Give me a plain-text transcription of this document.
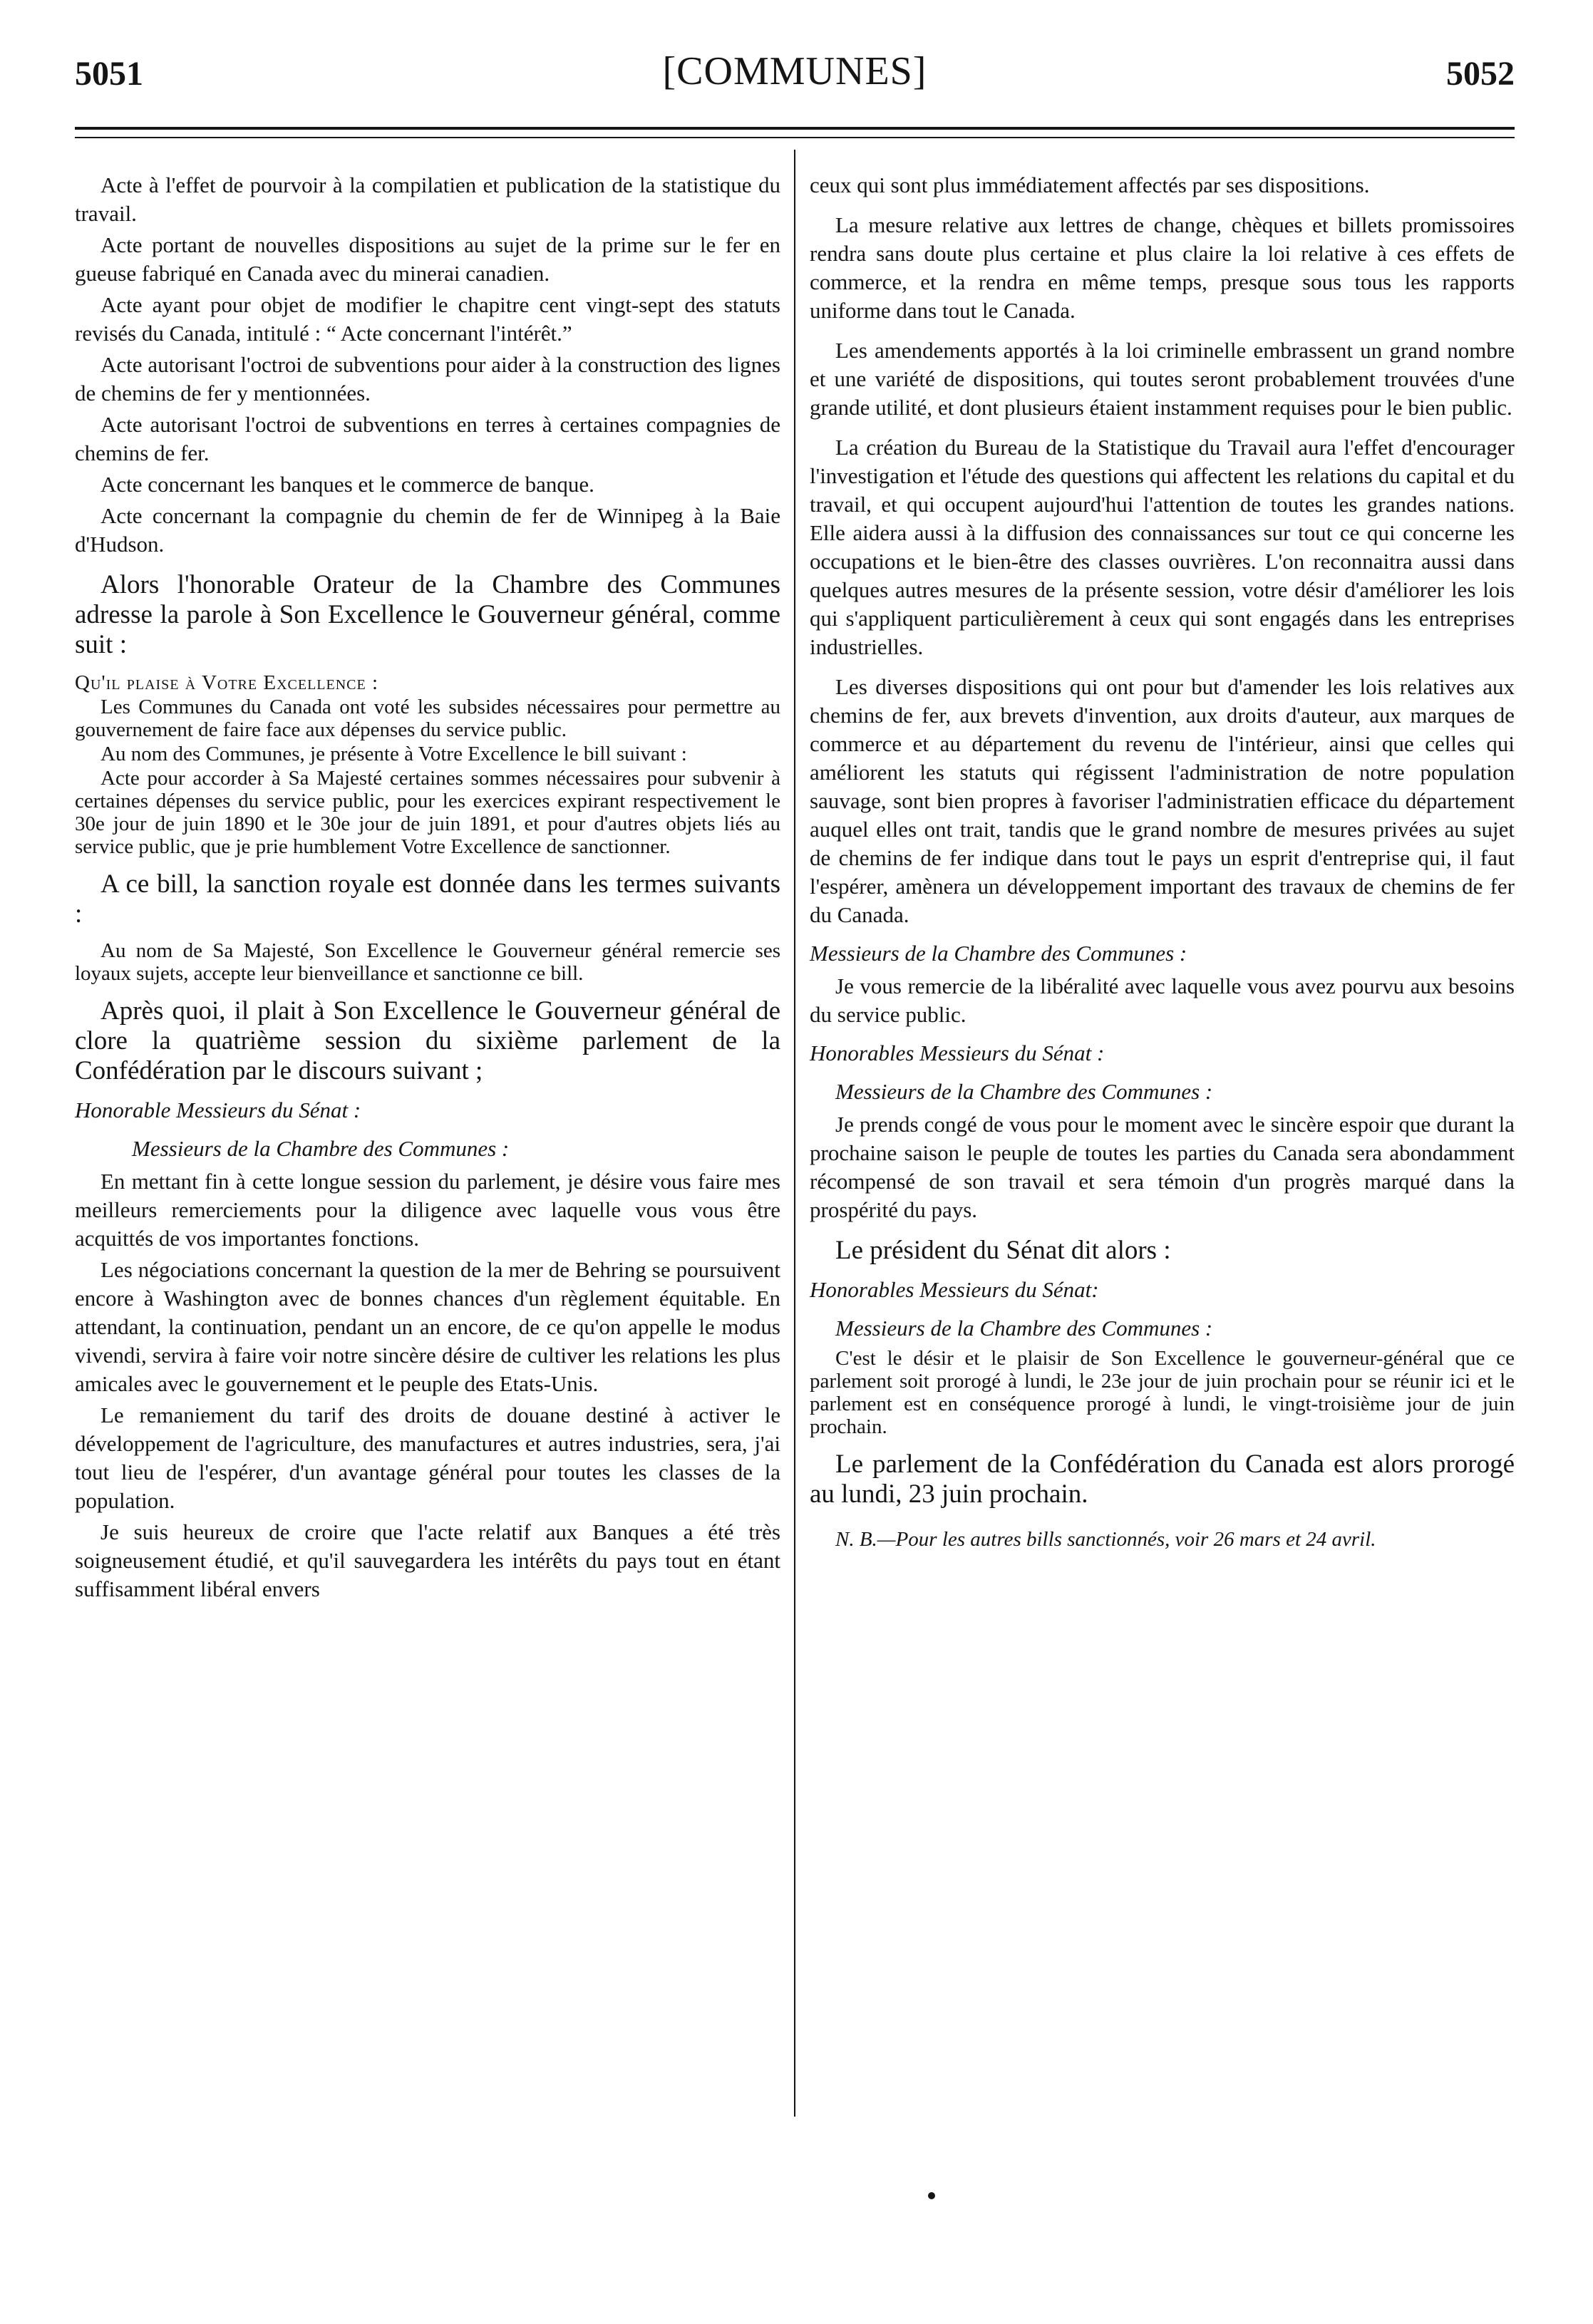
5051	[COMMUNES]	5052

Acte à l'effet de pourvoir à la compilatien et publication de la statistique du travail.

Acte portant de nouvelles dispositions au sujet de la prime sur le fer en gueuse fabriqué en Canada avec du minerai canadien.

Acte ayant pour objet de modifier le chapitre cent vingt-sept des statuts revisés du Canada, intitulé : “ Acte concernant l'intérêt.”

Acte autorisant l'octroi de subventions pour aider à la construction des lignes de chemins de fer y mentionnées.

Acte autorisant l'octroi de subventions en terres à certaines compagnies de chemins de fer.

Acte concernant les banques et le commerce de banque.

Acte concernant la compagnie du chemin de fer de Winnipeg à la Baie d'Hudson.

Alors l'honorable Orateur de la Chambre des Communes adresse la parole à Son Excellence le Gouverneur général, comme suit :

Qu'il plaise à Votre Excellence :

Les Communes du Canada ont voté les subsides nécessaires pour permettre au gouvernement de faire face aux dépenses du service public.

Au nom des Communes, je présente à Votre Excellence le bill suivant :

Acte pour accorder à Sa Majesté certaines sommes nécessaires pour subvenir à certaines dépenses du service public, pour les exercices expirant respectivement le 30e jour de juin 1890 et le 30e jour de juin 1891, et pour d'autres objets liés au service public, que je prie humblement Votre Excellence de sanctionner.

A ce bill, la sanction royale est donnée dans les termes suivants :

Au nom de Sa Majesté, Son Excellence le Gouverneur général remercie ses loyaux sujets, accepte leur bienveillance et sanctionne ce bill.

Après quoi, il plait à Son Excellence le Gouverneur général de clore la quatrième session du sixième parlement de la Confédération par le discours suivant ;

Honorable Messieurs du Sénat :

Messieurs de la Chambre des Communes :

En mettant fin à cette longue session du parlement, je désire vous faire mes meilleurs remerciements pour la diligence avec laquelle vous vous être acquittés de vos importantes fonctions.

Les négociations concernant la question de la mer de Behring se poursuivent encore à Washington avec de bonnes chances d'un règlement équitable. En attendant, la continuation, pendant un an encore, de ce qu'on appelle le modus vivendi, servira à faire voir notre sincère désire de cultiver les relations les plus amicales avec le gouvernement et le peuple des Etats-Unis.

Le remaniement du tarif des droits de douane destiné à activer le développement de l'agriculture, des manufactures et autres industries, sera, j'ai tout lieu de l'espérer, d'un avantage général pour toutes les classes de la population.

Je suis heureux de croire que l'acte relatif aux Banques a été très soigneusement étudié, et qu'il sauvegardera les intérêts du pays tout en étant suffisamment libéral envers

ceux qui sont plus immédiatement affectés par ses dispositions.

La mesure relative aux lettres de change, chèques et billets promissoires rendra sans doute plus certaine et plus claire la loi relative à ces effets de commerce, et la rendra en même temps, presque sous tous les rapports uniforme dans tout le Canada.

Les amendements apportés à la loi criminelle embrassent un grand nombre et une variété de dispositions, qui toutes seront probablement trouvées d'une grande utilité, et dont plusieurs étaient instamment requises pour le bien public.

La création du Bureau de la Statistique du Travail aura l'effet d'encourager l'investigation et l'étude des questions qui affectent les relations du capital et du travail, et qui occupent aujourd'hui l'attention de toutes les grandes nations. Elle aidera aussi à la diffusion des connaissances sur tout ce qui concerne les occupations et le bien-être des classes ouvrières. L'on reconnaitra aussi dans quelques autres mesures de la présente session, votre désir d'améliorer les lois qui s'appliquent particulièrement à ceux qui sont engagés dans les entreprises industrielles.

Les diverses dispositions qui ont pour but d'amender les lois relatives aux chemins de fer, aux brevets d'invention, aux droits d'auteur, aux marques de commerce et au département du revenu de l'intérieur, ainsi que celles qui améliorent les statuts qui régissent l'administration de notre population sauvage, sont bien propres à favoriser l'administratien efficace du département auquel elles ont trait, tandis que le grand nombre de mesures privées au sujet de chemins de fer indique dans tout le pays un esprit d'entreprise qui, il faut l'espérer, amènera un développement important des travaux de chemins de fer du Canada.

Messieurs de la Chambre des Communes :

Je vous remercie de la libéralité avec laquelle vous avez pourvu aux besoins du service public.

Honorables Messieurs du Sénat :

Messieurs de la Chambre des Communes :

Je prends congé de vous pour le moment avec le sincère espoir que durant la prochaine saison le peuple de toutes les parties du Canada sera abondamment récompensé de son travail et sera témoin d'un progrès marqué dans la prospérité du pays.

Le président du Sénat dit alors :

Honorables Messieurs du Sénat:

Messieurs de la Chambre des Communes :

C'est le désir et le plaisir de Son Excellence le gouverneur-général que ce parlement soit prorogé à lundi, le 23e jour de juin prochain pour se réunir ici et le parlement est en conséquence prorogé à lundi, le vingt-troisième jour de juin prochain.

Le parlement de la Confédération du Canada est alors prorogé au lundi, 23 juin prochain.

N. B.—Pour les autres bills sanctionnés, voir 26 mars et 24 avril.
